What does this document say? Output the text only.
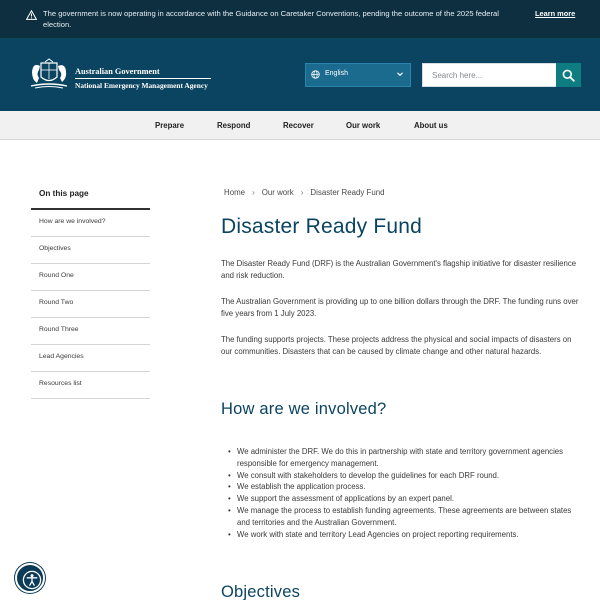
The government is now operating in accordance with the Guidance on Caretaker Conventions, pending the outcome of the 2025 federal election.
Learn more
Australian Government
National Emergency Management Agency
English
Search here...
Prepare	Respond	Recover	Our work	About us
On this page
How are we involved?
Objectives
Round One
Round Two
Round Three
Lead Agencies
Resources list
Home › Our work › Disaster Ready Fund
Disaster Ready Fund

The Disaster Ready Fund (DRF) is the Australian Government's flagship initiative for disaster resilience and risk reduction.

The Australian Government is providing up to one billion dollars through the DRF. The funding runs over five years from 1 July 2023.

The funding supports projects. These projects address the physical and social impacts of disasters on our communities. Disasters that can be caused by climate change and other natural hazards.

How are we involved?
• We administer the DRF. We do this in partnership with state and territory government agencies responsible for emergency management.
• We consult with stakeholders to develop the guidelines for each DRF round.
• We establish the application process.
• We support the assessment of applications by an expert panel.
• We manage the process to establish funding agreements. These agreements are between states and territories and the Australian Government.
• We work with state and territory Lead Agencies on project reporting requirements.
Objectives
